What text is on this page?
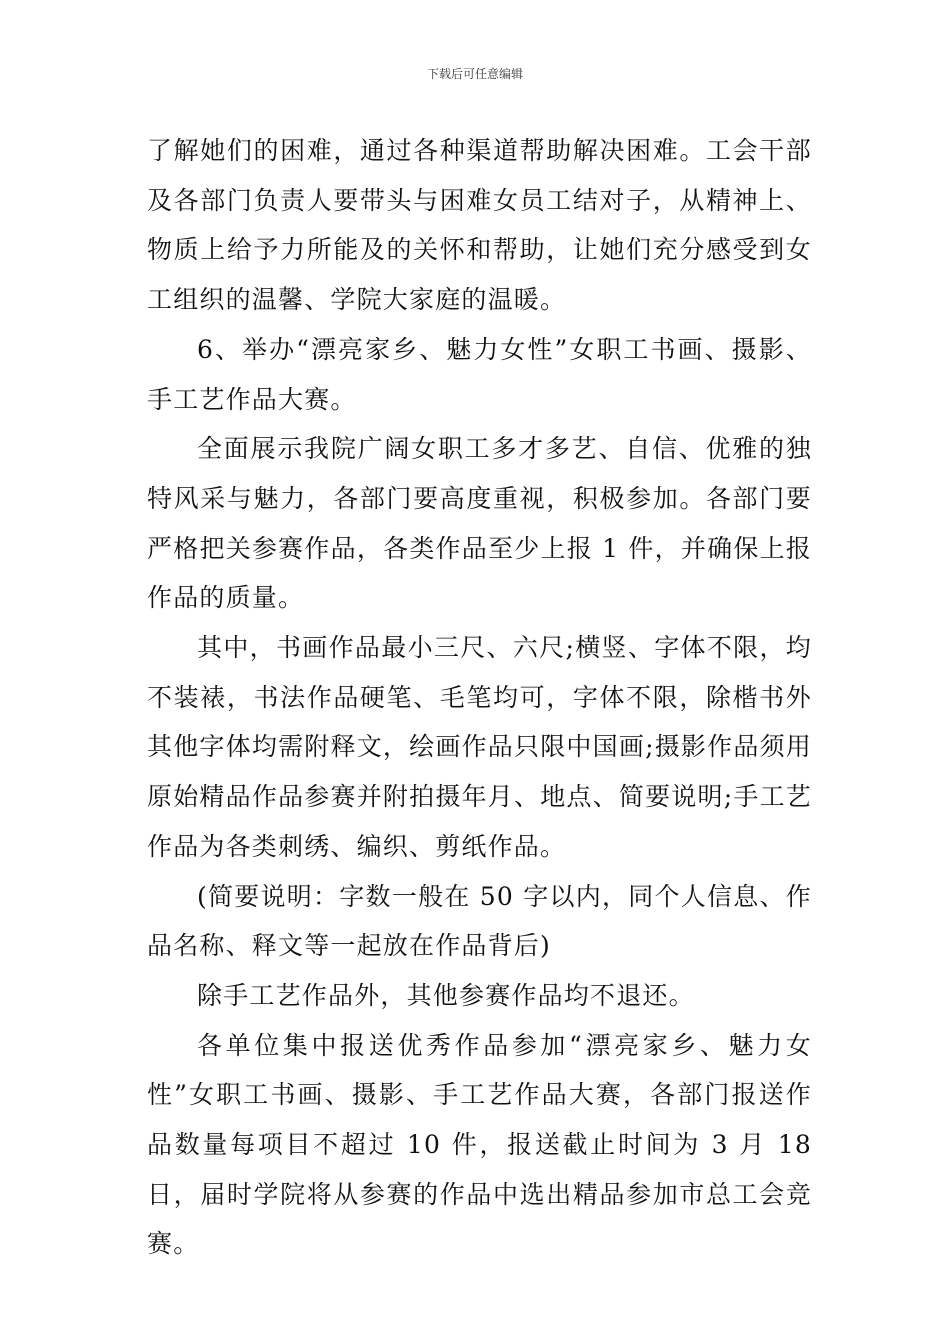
下载后可任意编辑

了解她们的困难，通过各种渠道帮助解决困难。工会干部及各部门负责人要带头与困难女员工结对子，从精神上、物质上给予力所能及的关怀和帮助，让她们充分感受到女工组织的温馨、学院大家庭的温暖。

6、举办“漂亮家乡、魅力女性”女职工书画、摄影、手工艺作品大赛。

全面展示我院广阔女职工多才多艺、自信、优雅的独特风采与魅力，各部门要高度重视，积极参加。各部门要严格把关参赛作品，各类作品至少上报 1 件，并确保上报作品的质量。

其中，书画作品最小三尺、六尺;横竖、字体不限，均不装裱，书法作品硬笔、毛笔均可，字体不限，除楷书外其他字体均需附释文，绘画作品只限中国画;摄影作品须用原始精品作品参赛并附拍摄年月、地点、简要说明;手工艺作品为各类刺绣、编织、剪纸作品。

(简要说明：字数一般在 50 字以内，同个人信息、作品名称、释文等一起放在作品背后)

除手工艺作品外，其他参赛作品均不退还。

各单位集中报送优秀作品参加“漂亮家乡、魅力女性”女职工书画、摄影、手工艺作品大赛，各部门报送作品数量每项目不超过 10 件，报送截止时间为 3 月 18 日，届时学院将从参赛的作品中选出精品参加市总工会竞赛。
